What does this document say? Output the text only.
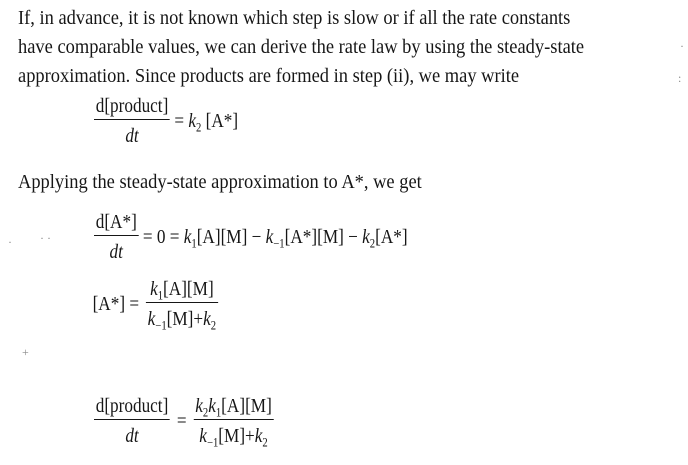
If, in advance, it is not known which step is slow or if all the rate constants
have comparable values, we can derive the rate law by using the steady-state
approximation. Since products are formed in step (ii), we may write
$\frac{\text{d[product]}}{dt} = k_2$ [A*]
Applying the steady-state approximation to A*, we get
$\frac{d[A*]}{dt} = 0 = k_1[A][M] - k_{-1}[A*][M] - k_2[A*]$
$[A*] = \frac{k_1[A][M]}{k_{-1}[M]+k_2}$
$\frac{\text{d[product]}}{dt} = \frac{k_2k_1[A][M]}{k_{-1}[M]+k_2}$
·
:
· ·
·
+
